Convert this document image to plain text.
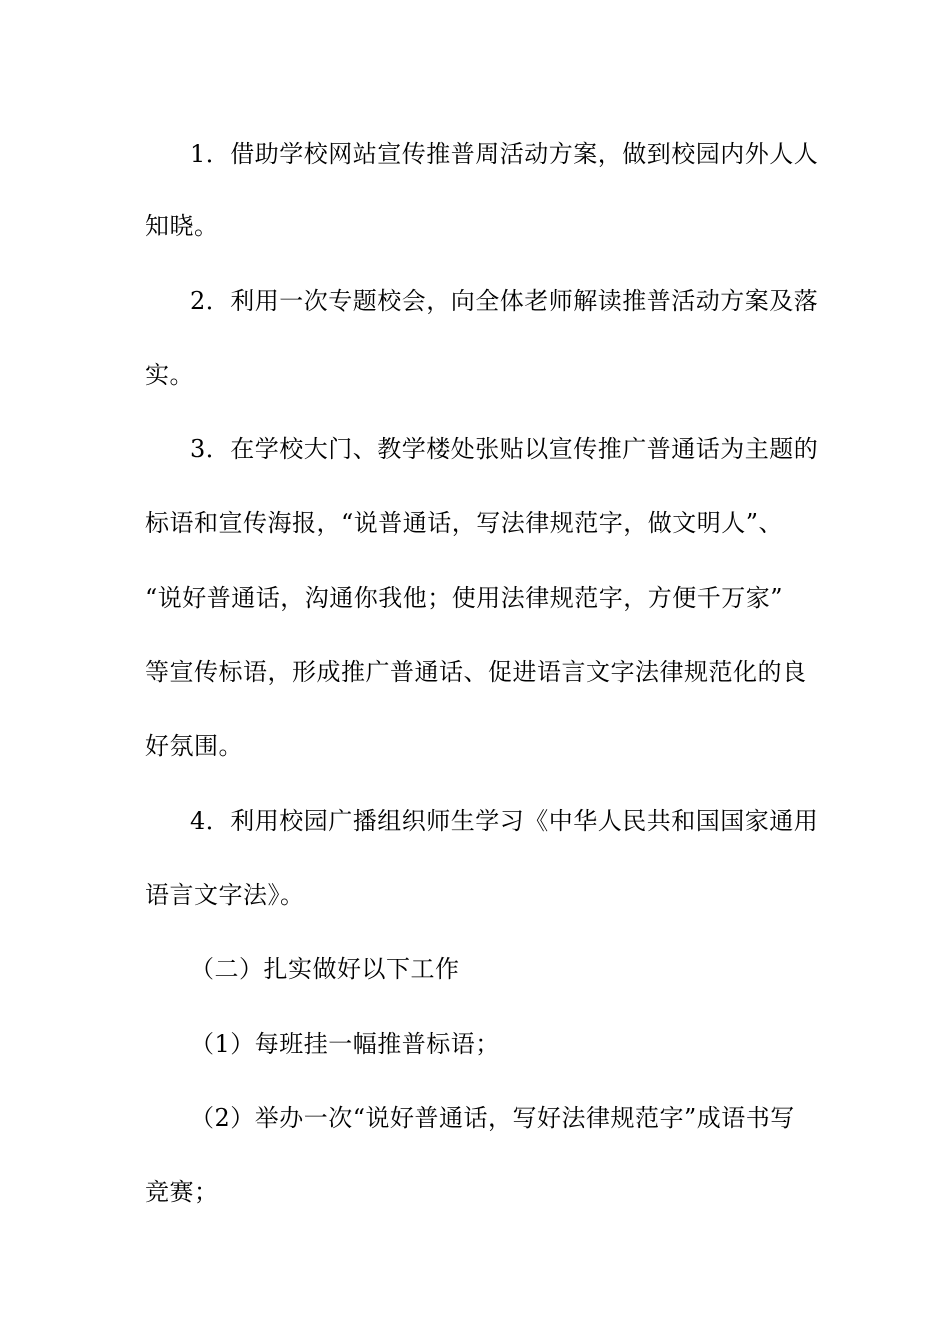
1．借助学校网站宣传推普周活动方案，做到校园内外人人
知晓。
2．利用一次专题校会，向全体老师解读推普活动方案及落
实。
3．在学校大门、教学楼处张贴以宣传推广普通话为主题的
标语和宣传海报，“说普通话，写法律规范字，做文明人”、
“说好普通话，沟通你我他；使用法律规范字，方便千万家”
等宣传标语，形成推广普通话、促进语言文字法律规范化的良
好氛围。
4．利用校园广播组织师生学习《中华人民共和国国家通用
语言文字法》。
（二）扎实做好以下工作
（1）每班挂一幅推普标语；
（2）举办一次“说好普通话，写好法律规范字”成语书写
竞赛；
